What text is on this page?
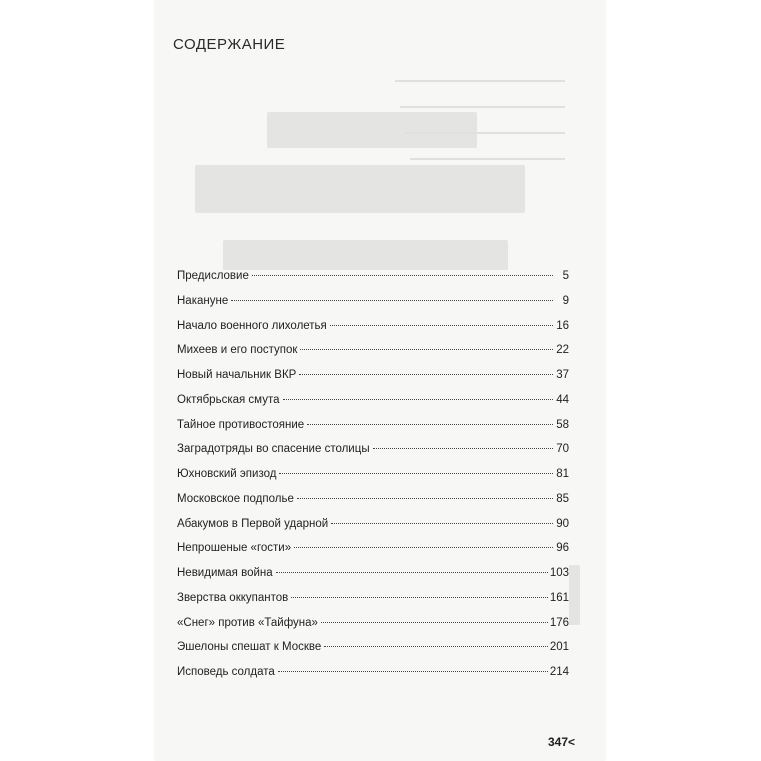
СОДЕРЖАНИЕ
Предисловие	5
Накануне	9
Начало военного лихолетья	16
Михеев и его поступок	22
Новый начальник ВКР	37
Октябрьская смута	44
Тайное противостояние	58
Заградотряды во спасение столицы	70
Юхновский эпизод	81
Московское подполье	85
Абакумов в Первой ударной	90
Непрошеные «гости»	96
Невидимая война	103
Зверства оккупантов	161
«Снег» против «Тайфуна»	176
Эшелоны спешат к Москве	201
Исповедь солдата	214
347<
